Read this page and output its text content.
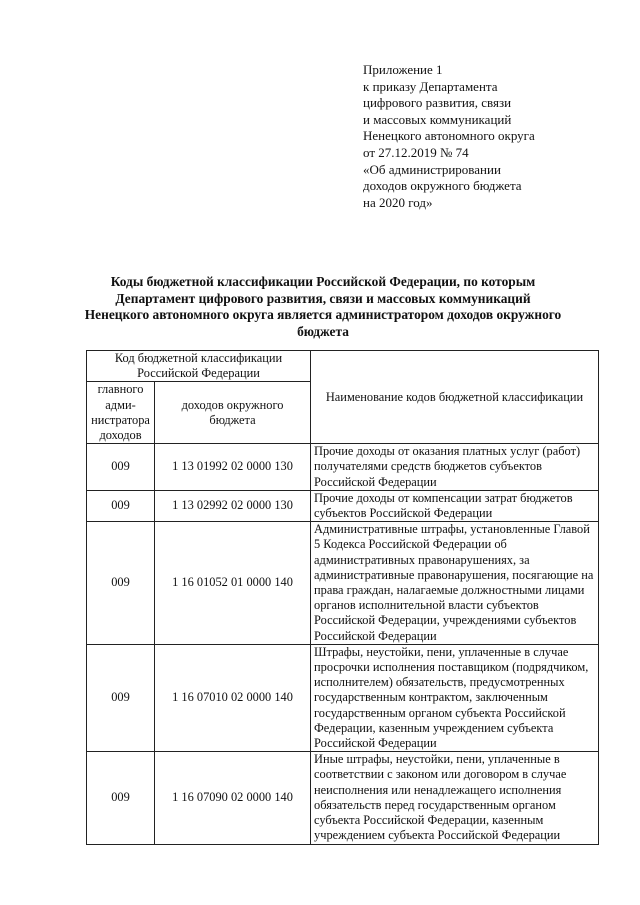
Приложение 1
к приказу Департамента
цифрового развития, связи
и массовых коммуникаций
Ненецкого автономного округа
от 27.12.2019 № 74
«Об администрировании
доходов окружного бюджета
на 2020 год»
Коды бюджетной классификации Российской Федерации, по которым
Департамент цифрового развития, связи и массовых коммуникаций
Ненецкого автономного округа является администратором доходов окружного
бюджета
Код бюджетной классификации Российской Федерации		Наименование кодов бюджетной классификации
главного адми-нистратора доходов	доходов окружного бюджета	
009	1 13 01992 02 0000 130	Прочие доходы от оказания платных услуг (работ) получателями средств бюджетов субъектов Российской Федерации
009	1 13 02992 02 0000 130	Прочие доходы от компенсации затрат бюджетов субъектов Российской Федерации
009	1 16 01052 01 0000 140	Административные штрафы, установленные Главой 5 Кодекса Российской Федерации об административных правонарушениях, за административные правонарушения, посягающие на права граждан, налагаемые должностными лицами органов исполнительной власти субъектов Российской Федерации, учреждениями субъектов Российской Федерации
009	1 16 07010 02 0000 140	Штрафы, неустойки, пени, уплаченные в случае просрочки исполнения поставщиком (подрядчиком, исполнителем) обязательств, предусмотренных государственным контрактом, заключенным государственным органом субъекта Российской Федерации, казенным учреждением субъекта Российской Федерации
009	1 16 07090 02 0000 140	Иные штрафы, неустойки, пени, уплаченные в соответствии с законом или договором в случае неисполнения или ненадлежащего исполнения обязательств перед государственным органом субъекта Российской Федерации, казенным учреждением субъекта Российской Федерации
